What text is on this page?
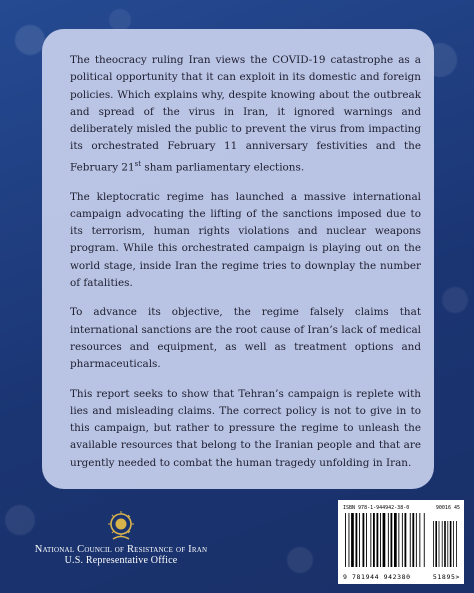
The theocracy ruling Iran views the COVID-19 catastrophe as a political opportunity that it can exploit in its domestic and foreign policies. Which explains why, despite knowing about the outbreak and spread of the virus in Iran, it ignored warnings and deliberately misled the public to prevent the virus from impacting its orchestrated February 11 anniversary festivities and the February 21st sham parliamentary elections.

The kleptocratic regime has launched a massive international campaign advocating the lifting of the sanctions imposed due to its terrorism, human rights violations and nuclear weapons program. While this orchestrated campaign is playing out on the world stage, inside Iran the regime tries to downplay the number of fatalities.

To advance its objective, the regime falsely claims that international sanctions are the root cause of Iran’s lack of medical resources and equipment, as well as treatment options and pharmaceuticals.

This report seeks to show that Tehran’s campaign is replete with lies and misleading claims. The correct policy is not to give in to this campaign, but rather to pressure the regime to unleash the available resources that belong to the Iranian people and that are urgently needed to combat the human tragedy unfolding in Iran.

National Council of Resistance of Iran
U.S. Representative Office
ISBN 978-1-944942-38-0	90016 45
9 781944 942380	51895>
